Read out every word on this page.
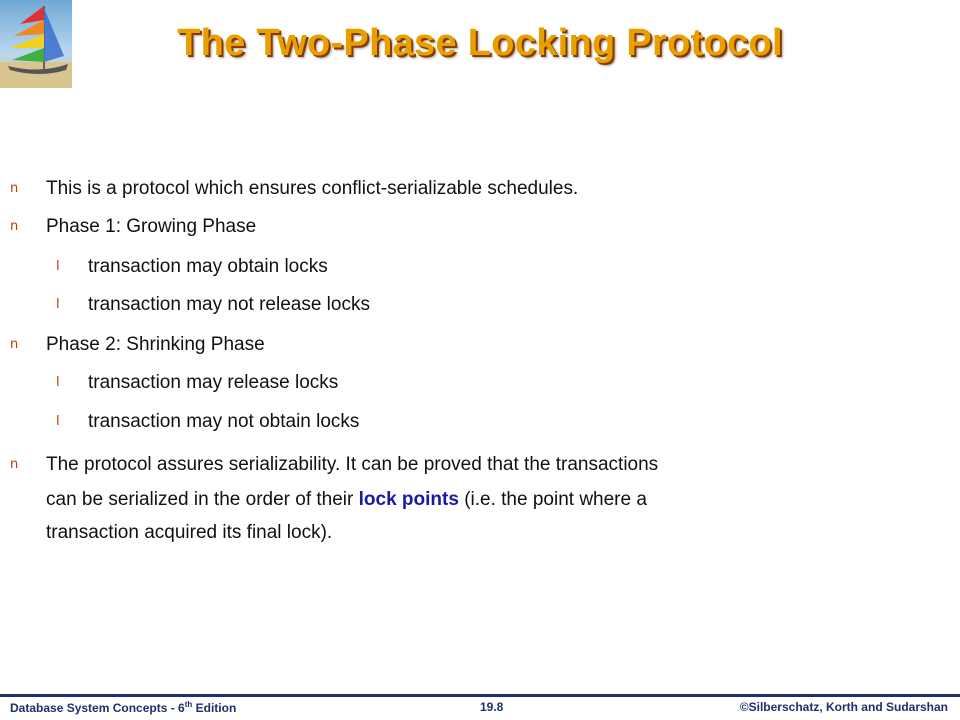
The Two-Phase Locking Protocol
n This is a protocol which ensures conflict-serializable schedules.
n Phase 1: Growing Phase
l transaction may obtain locks
l transaction may not release locks
n Phase 2: Shrinking Phase
l transaction may release locks
l transaction may not obtain locks
n The protocol assures serializability. It can be proved that the transactions
can be serialized in the order of their lock points (i.e. the point where a
transaction acquired its final lock).
Database System Concepts - 6th Edition	19.8	©Silberschatz, Korth and Sudarshan
